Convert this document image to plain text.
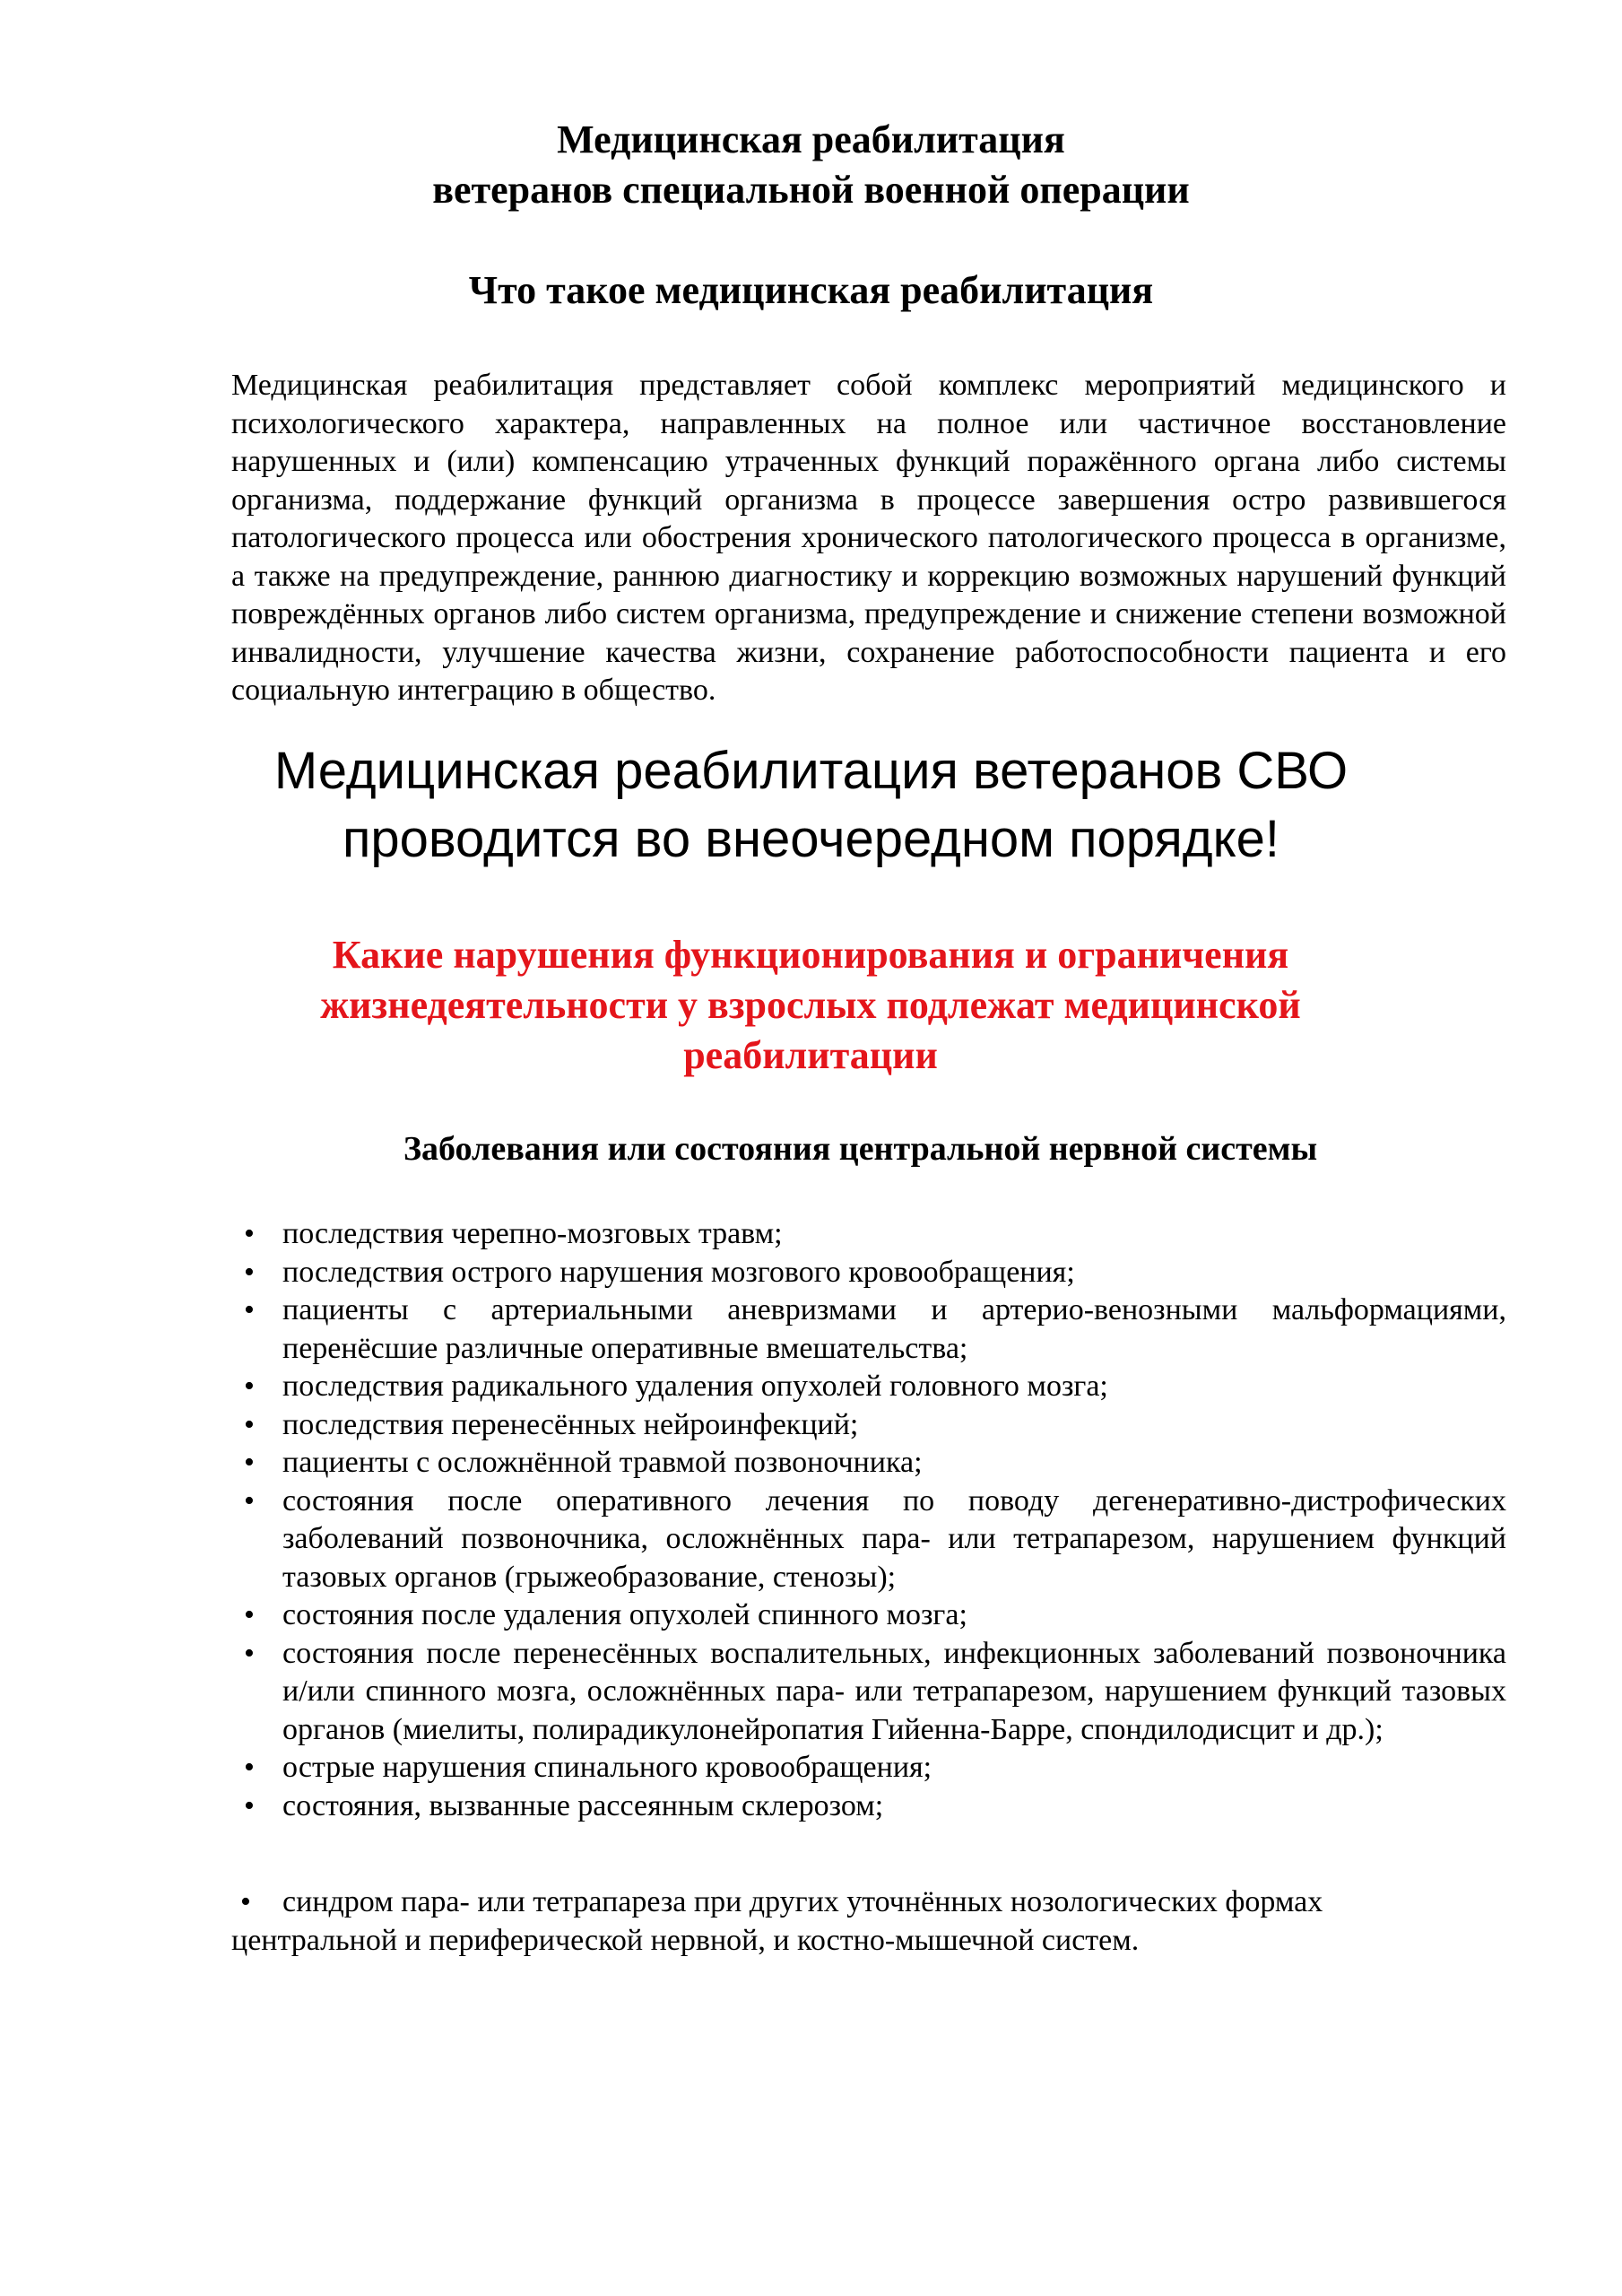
Медицинская реабилитация
ветеранов специальной военной операции
Что такое медицинская реабилитация

Медицинская реабилитация представляет собой комплекс мероприятий медицинского и психологического характера, направленных на полное или частичное восстановление нарушенных и (или) компенсацию утраченных функций поражённого органа либо системы организма, поддержание функций организма в процессе завершения остро развившегося патологического процесса или обострения хронического патологического процесса в организме, а также на предупреждение, раннюю диагностику и коррекцию возможных нарушений функций повреждённых органов либо систем организма, предупреждение и снижение степени возможной инвалидности, улучшение качества жизни, сохранение работоспособности пациента и его социальную интеграцию в общество.

Медицинская реабилитация ветеранов СВО
проводится во внеочередном порядке!
Какие нарушения функционирования и ограничения жизнедеятельности у взрослых подлежат медицинской реабилитации
Заболевания или состояния центральной нервной системы
• последствия черепно-мозговых травм;
• последствия острого нарушения мозгового кровообращения;
• пациенты с артериальными аневризмами и артерио-венозными мальформациями, перенёсшие различные оперативные вмешательства;
• последствия радикального удаления опухолей головного мозга;
• последствия перенесённых нейроинфекций;
• пациенты с осложнённой травмой позвоночника;
• состояния после оперативного лечения по поводу дегенеративно-дистрофических заболеваний позвоночника, осложнённых пара- или тетрапарезом, нарушением функций тазовых органов (грыжеобразование, стенозы);
• состояния после удаления опухолей спинного мозга;
• состояния после перенесённых воспалительных, инфекционных заболеваний позвоночника и/или спинного мозга, осложнённых пара- или тетрапарезом, нарушением функций тазовых органов (миелиты, полирадикулонейропатия Гийенна-Барре, спондилодисцит и др.);
• острые нарушения спинального кровообращения;
• состояния, вызванные рассеянным склерозом;
• синдром пара- или тетрапареза при других уточнённых нозологических формах
центральной и периферической нервной, и костно-мышечной систем.
